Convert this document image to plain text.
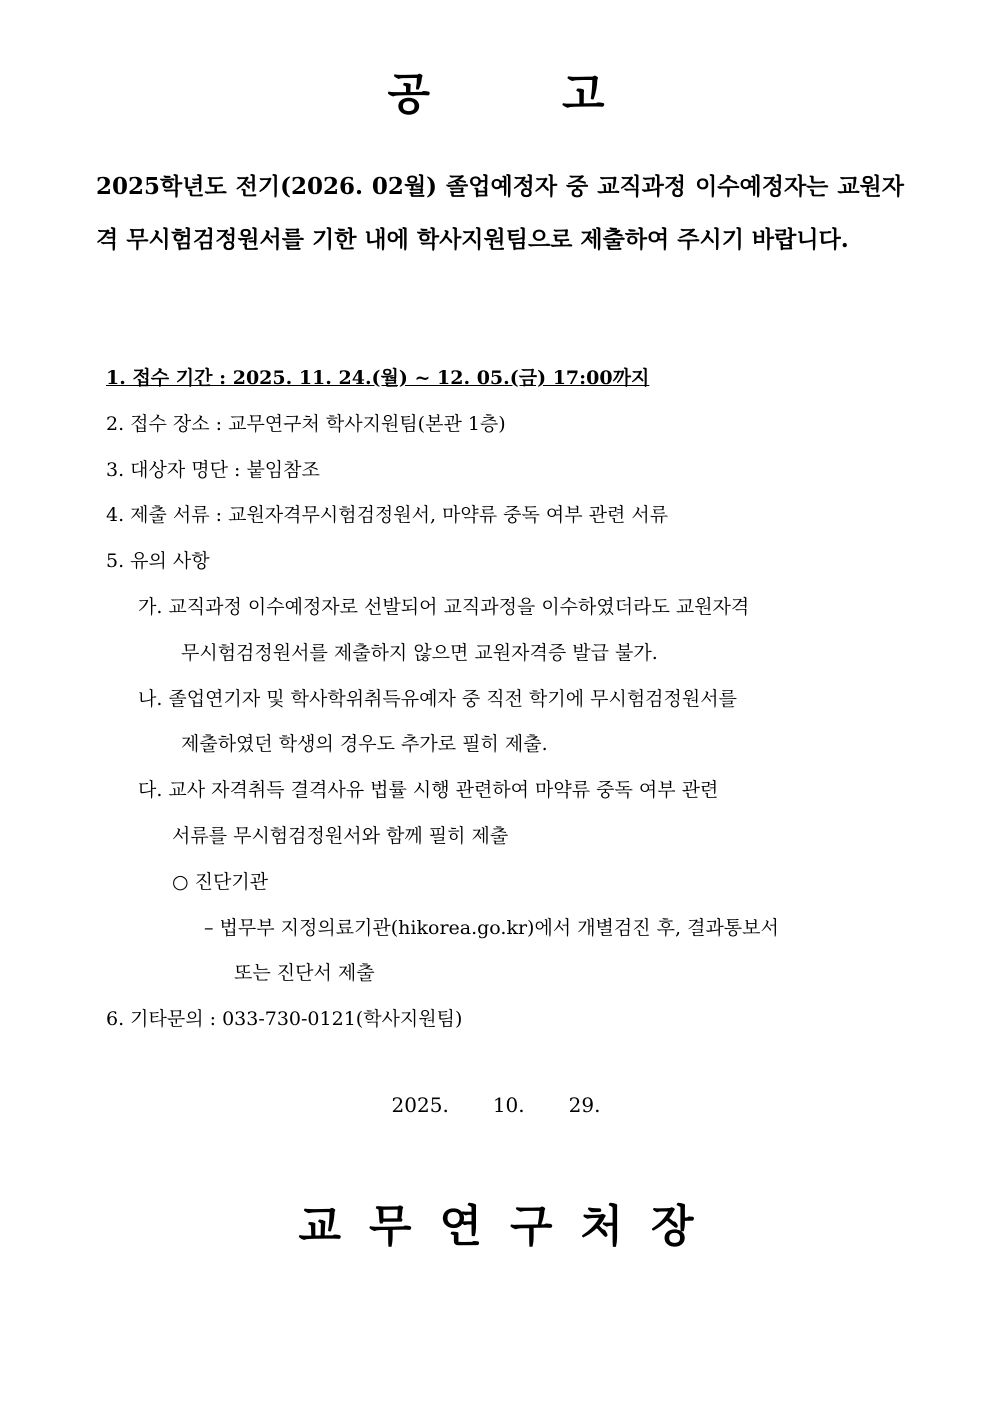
공	고
2025학년도 전기(2026. 02월) 졸업예정자 중 교직과정 이수예정자는 교원자격 무시험검정원서를 기한 내에 학사지원팀으로 제출하여 주시기 바랍니다.
1. 접수 기간 : 2025. 11. 24.(월) ~ 12. 05.(금) 17:00까지
2. 접수 장소 : 교무연구처 학사지원팀(본관 1층)
3. 대상자 명단 : 붙임참조
4. 제출 서류 : 교원자격무시험검정원서, 마약류 중독 여부 관련 서류
5. 유의 사항
가. 교직과정 이수예정자로 선발되어 교직과정을 이수하였더라도 교원자격
무시험검정원서를 제출하지 않으면 교원자격증 발급 불가.
나. 졸업연기자 및 학사학위취득유예자 중 직전 학기에 무시험검정원서를
제출하였던 학생의 경우도 추가로 필히 제출.
다. 교사 자격취득 결격사유 법률 시행 관련하여 마약류 중독 여부 관련
서류를 무시험검정원서와 함께 필히 제출
○ 진단기관
– 법무부 지정의료기관(hikorea.go.kr)에서 개별검진 후, 결과통보서
또는 진단서 제출
6. 기타문의 : 033-730-0121(학사지원팀)
2025. 10. 29.
교 무 연 구 처 장
